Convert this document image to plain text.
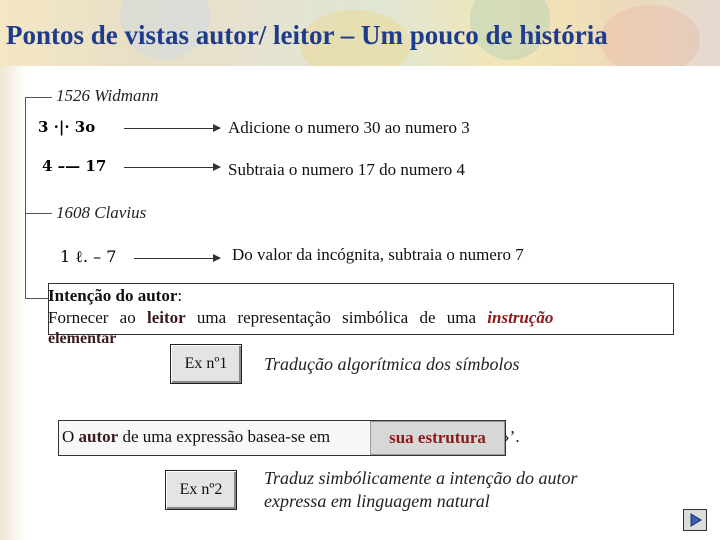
Pontos de vistas autor/ leitor – Um pouco de história
1526 Widmann
3 ·|· 3o	Adicione o numero 30 ao numero 3
4 –— 17	Subtraia o numero 17 do numero 4
1608 Clavius
1 ℓ. – 7	Do valor da incógnita, subtraia o numero 7
Intenção do autor:

Fornecer ao leitor uma representação simbólica de uma instrução
elementar
Ex nº1	Tradução algorítmica dos símbolos
O autor de uma expressão basea-se em	sua estrutura	›’.
Ex nº2
Traduz simbólicamente a intenção do autor
expressa em linguagem natural
